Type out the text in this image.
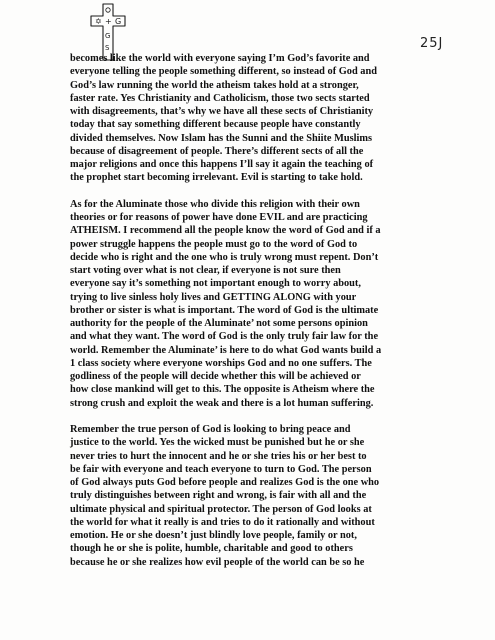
✡ + G
G
S	25J

becomes like the world with everyone saying I’m God’s favorite and
everyone telling the people something different, so instead of God and
God’s law running the world the atheism takes hold at a stronger,
faster rate. Yes Christianity and Catholicism, those two sects started
with disagreements, that’s why we have all these sects of Christianity
today that say something different because people have constantly
divided themselves. Now Islam has the Sunni and the Shiite Muslims
because of disagreement of people. There’s different sects of all the
major religions and once this happens I’ll say it again the teaching of
the prophet start becoming irrelevant. Evil is starting to take hold.

As for the Aluminate those who divide this religion with their own
theories or for reasons of power have done EVIL and are practicing
ATHEISM. I recommend all the people know the word of God and if a
power struggle happens the people must go to the word of God to
decide who is right and the one who is truly wrong must repent. Don’t
start voting over what is not clear, if everyone is not sure then
everyone say it’s something not important enough to worry about,
trying to live sinless holy lives and GETTING ALONG with your
brother or sister is what is important. The word of God is the ultimate
authority for the people of the Aluminate’ not some persons opinion
and what they want. The word of God is the only truly fair law for the
world. Remember the Aluminate’ is here to do what God wants build a
1 class society where everyone worships God and no one suffers. The
godliness of the people will decide whether this will be achieved or
how close mankind will get to this. The opposite is Atheism where the
strong crush and exploit the weak and there is a lot human suffering.

Remember the true person of God is looking to bring peace and
justice to the world. Yes the wicked must be punished but he or she
never tries to hurt the innocent and he or she tries his or her best to
be fair with everyone and teach everyone to turn to God. The person
of God always puts God before people and realizes God is the one who
truly distinguishes between right and wrong, is fair with all and the
ultimate physical and spiritual protector. The person of God looks at
the world for what it really is and tries to do it rationally and without
emotion. He or she doesn’t just blindly love people, family or not,
though he or she is polite, humble, charitable and good to others
because he or she realizes how evil people of the world can be so he
